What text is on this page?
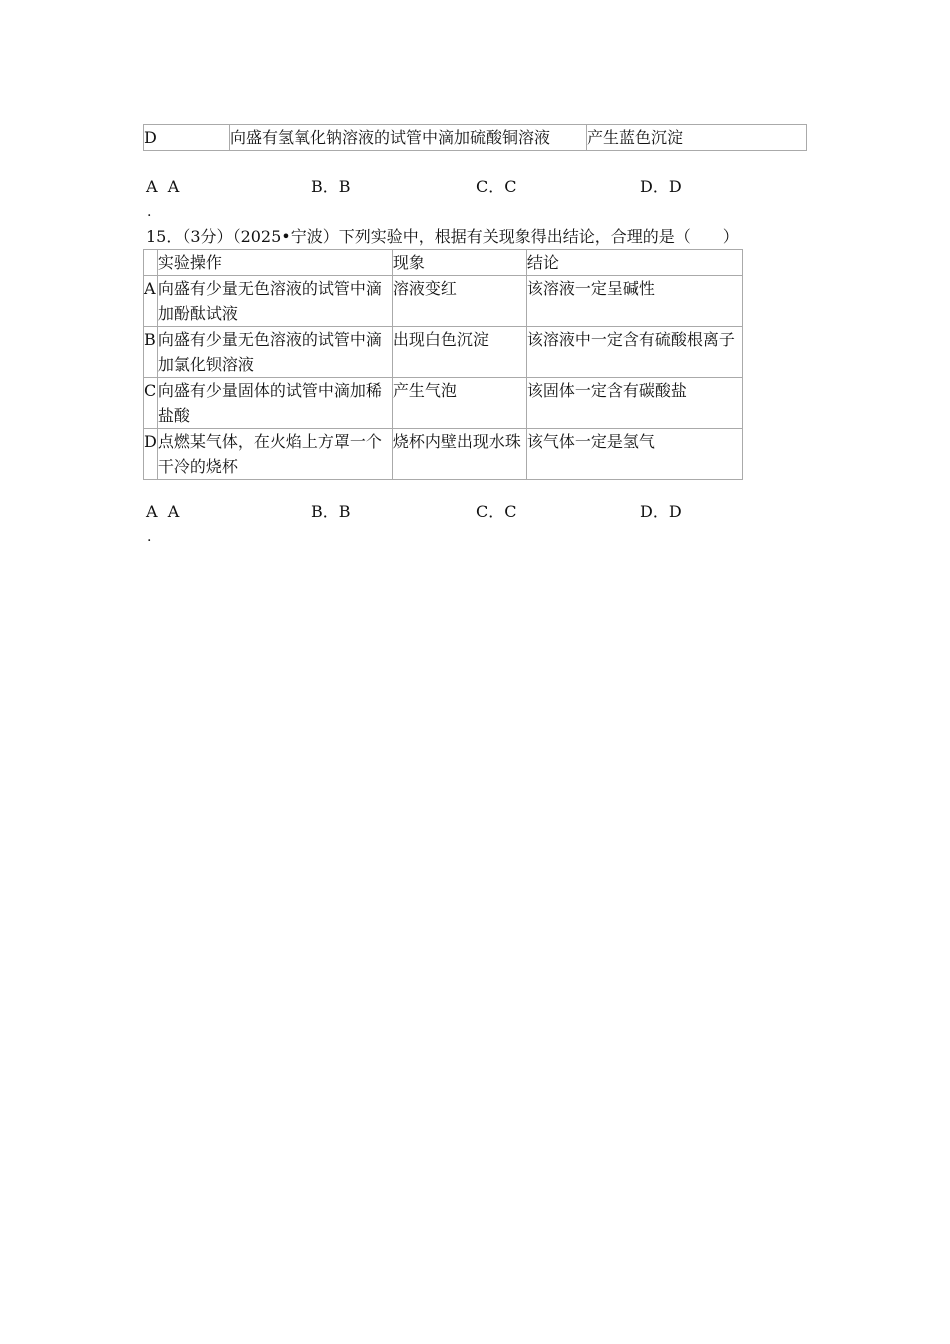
D	向盛有氢氧化钠溶液的试管中滴加硫酸铜溶液	产生蓝色沉淀
A  A	B．B	C．C	D．D
.
15．（3分）（2025•宁波）下列实验中，根据有关现象得出结论，合理的是（　　）
	实验操作	现象	结论
A	向盛有少量无色溶液的试管中滴加酚酞试液	溶液变红	该溶液一定呈碱性
B	向盛有少量无色溶液的试管中滴加氯化钡溶液	出现白色沉淀	该溶液中一定含有硫酸根离子
C	向盛有少量固体的试管中滴加稀盐酸	产生气泡	该固体一定含有碳酸盐
D	点燃某气体，在火焰上方罩一个干冷的烧杯	烧杯内壁出现水珠	该气体一定是氢气
A  A	B．B	C．C	D．D
.
